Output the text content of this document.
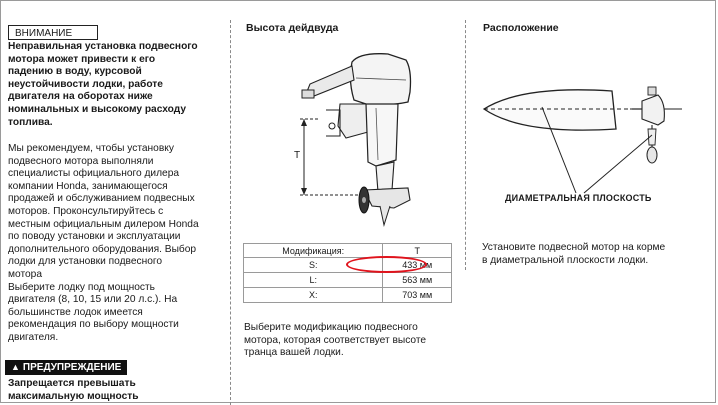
ВНИМАНИЕ

Неправильная установка подвесного
мотора может привести к его
падению в воду, курсовой
неустойчивости лодки, работе
двигателя на оборотах ниже
номинальных и высокому расходу
топлива.

Мы рекомендуем, чтобы установку
подвесного мотора выполняли
специалисты официального дилера
компании Honda, занимающегося
продажей и обслуживанием подвесных
моторов. Проконсультируйтесь с
местным официальным дилером Honda
по поводу установки и эксплуатации
дополнительного оборудования. Выбор
лодки для установки подвесного
мотора
Выберите лодку под мощность
двигателя (8, 10, 15 или 20 л.с.). На
большинстве лодок имеется
рекомендация по выбору мощности
двигателя.

▲ ПРЕДУПРЕЖДЕНИЕ

Запрещается превышать
максимальную мощность

Высота дейдвуда
T
Модификация:	T
S:	433 мм
L:	563 мм
X:	703 мм

Выберите модификацию подвесного
мотора, которая соответствует высоте
транца вашей лодки.

Расположение
ДИАМЕТРАЛЬНАЯ ПЛОСКОСТЬ

Установите подвесной мотор на корме
в диаметральной плоскости лодки.
